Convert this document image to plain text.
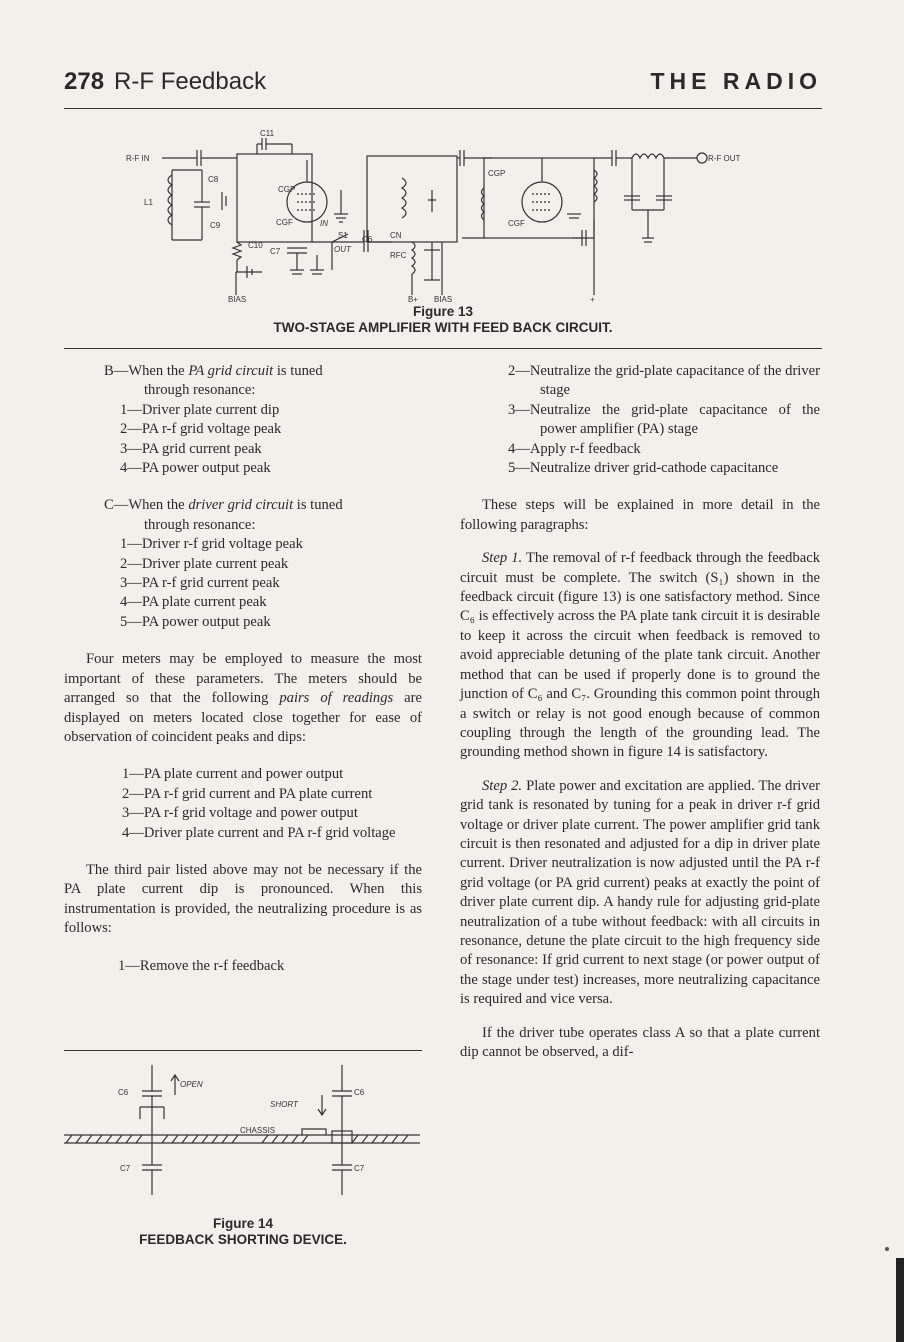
278 R-F Feedback	THE RADIO
R-F IN	R-F OUT
C11
C8
C9
L1
C10
C7
CGP
CGF	IN
OUT
S1 C6 CN
RFC
CGP
CGF
BIAS	B+ BIAS	+
Figure 13
TWO-STAGE AMPLIFIER WITH FEED BACK CIRCUIT.

B—When the PA grid circuit is tuned

through resonance:

1—Driver plate current dip

2—PA r-f grid voltage peak

3—PA grid current peak

4—PA power output peak

C—When the driver grid circuit is tuned

through resonance:

1—Driver r-f grid voltage peak

2—Driver plate current peak

3—PA r-f grid current peak

4—PA plate current peak

5—PA power output peak

Four meters may be employed to measure the most important of these parameters. The meters should be arranged so that the following pairs of readings are displayed on meters located close together for ease of observation of coincident peaks and dips:

1—PA plate current and power output

2—PA r-f grid current and PA plate current

3—PA r-f grid voltage and power output

4—Driver plate current and PA r-f grid voltage

The third pair listed above may not be necessary if the PA plate current dip is pronounced. When this instrumentation is provided, the neutralizing procedure is as follows:

1—Remove the r-f feedback

C6
OPEN
SHORT
C6
CHASSIS
C7	C7
Figure 14
FEEDBACK SHORTING DEVICE.

2—Neutralize the grid-plate capacitance of the driver stage

3—Neutralize the grid-plate capacitance of the power amplifier (PA) stage

4—Apply r-f feedback

5—Neutralize driver grid-cathode capacitance

These steps will be explained in more detail in the following paragraphs:

Step 1. The removal of r-f feedback through the feedback circuit must be complete. The switch (S₁) shown in the feedback circuit (figure 13) is one satisfactory method. Since C₆ is effectively across the PA plate tank circuit it is desirable to keep it across the circuit when feedback is removed to avoid appreciable detuning of the plate tank circuit. Another method that can be used if properly done is to ground the junction of C₆ and C₇. Grounding this common point through a switch or relay is not good enough because of common coupling through the length of the grounding lead. The grounding method shown in figure 14 is satisfactory.

Step 2. Plate power and excitation are applied. The driver grid tank is resonated by tuning for a peak in driver r-f grid voltage or driver plate current. The power amplifier grid tank circuit is then resonated and adjusted for a dip in driver plate current. Driver neutralization is now adjusted until the PA r-f grid voltage (or PA grid current) peaks at exactly the point of driver plate current dip. A handy rule for adjusting grid-plate neutralization of a tube without feedback: with all circuits in resonance, detune the plate circuit to the high frequency side of resonance: If grid current to next stage (or power output of the stage under test) increases, more neutralizing capacitance is required and vice versa.

If the driver tube operates class A so that a plate current dip cannot be observed, a dif-
